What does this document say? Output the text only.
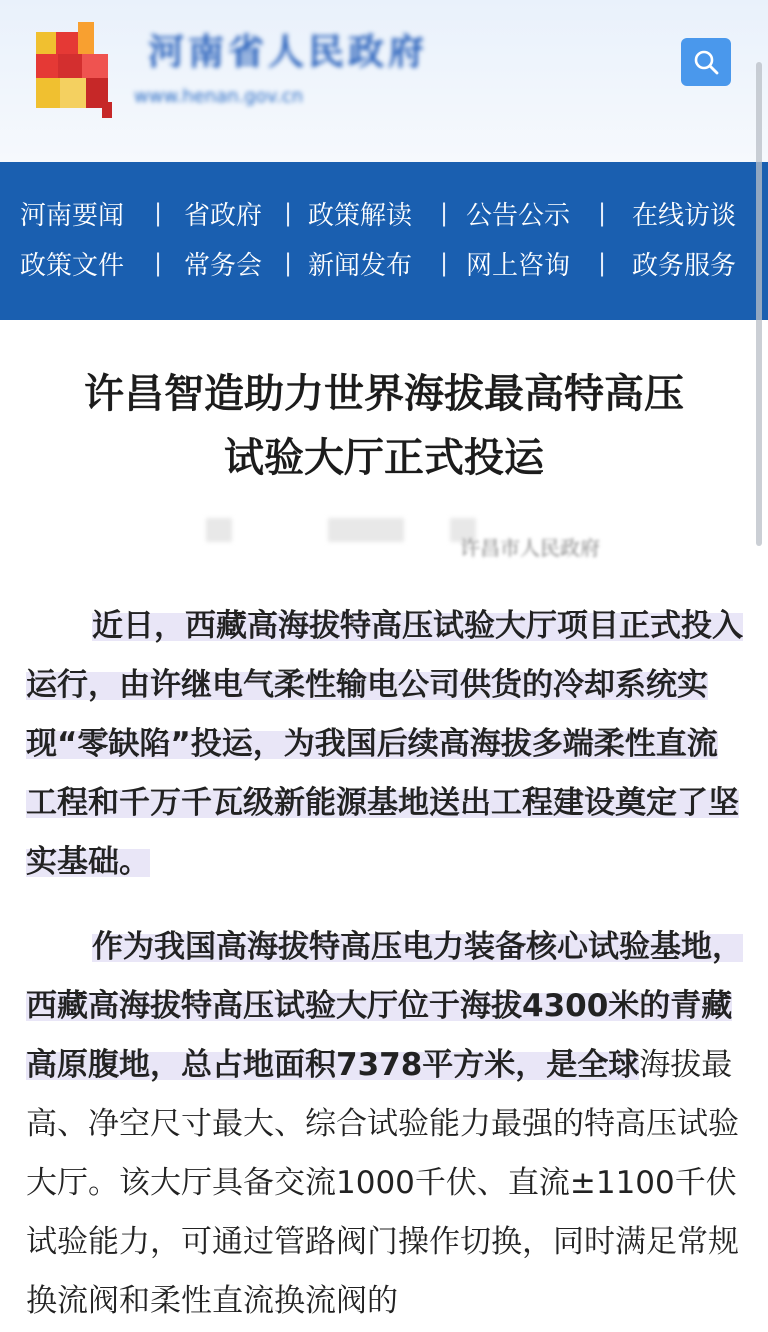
河南省人民政府
www.henan.gov.cn
河南要闻 | 省政府 | 政策解读 | 公告公示 | 在线访谈
政策文件 | 常务会 | 新闻发布 | 网上咨询 | 政务服务
许昌智造助力世界海拔最高特高压
试验大厅正式投运
许昌市人民政府
近日，西藏高海拔特高压试验大厅项目正式投入运行，由许继电气柔性输电公司供货的冷却系统实现“零缺陷”投运，为我国后续高海拔多端柔性直流工程和千万千瓦级新能源基地送出工程建设奠定了坚实基础。
作为我国高海拔特高压电力装备核心试验基地，西藏高海拔特高压试验大厅位于海拔4300米的青藏高原腹地，总占地面积7378平方米，是全球海拔最高、净空尺寸最大、综合试验能力最强的特高压试验大厅。该大厅具备交流1000千伏、直流±1100千伏试验能力，可通过管路阀门操作切换，同时满足常规换流阀和柔性直流换流阀的
